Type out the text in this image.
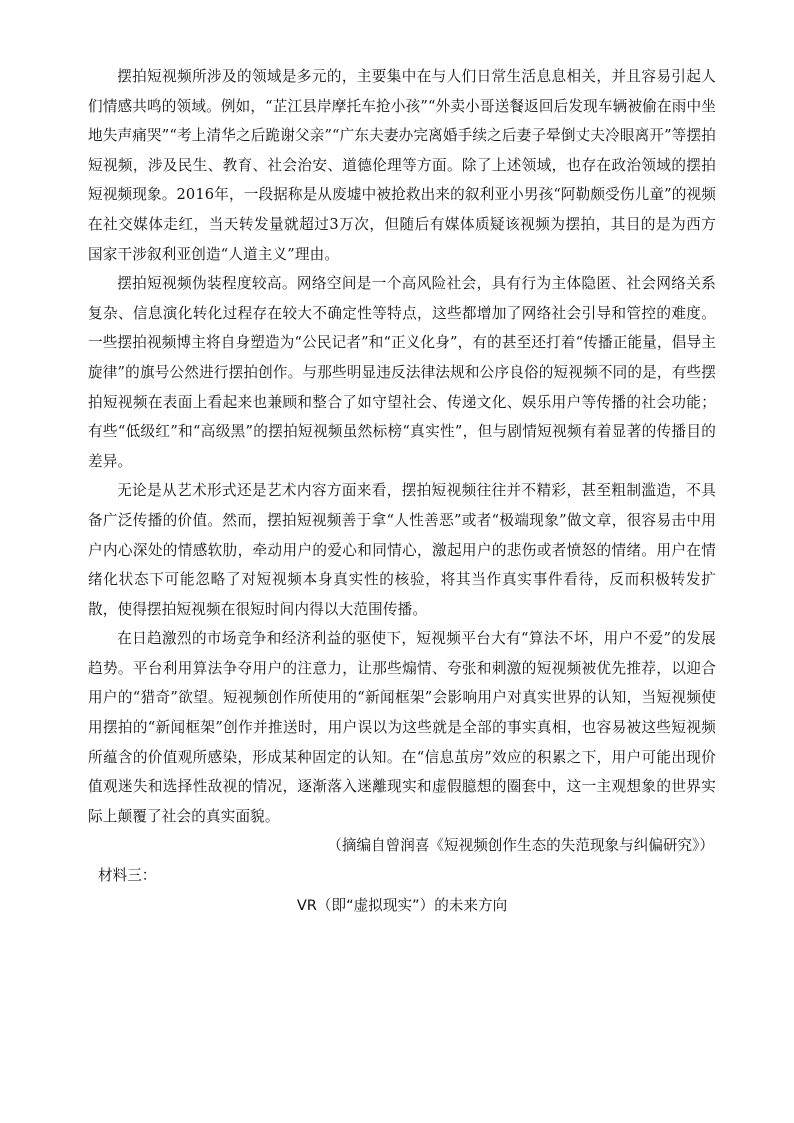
摆拍短视频所涉及的领域是多元的，主要集中在与人们日常生活息息相关，并且容易引起人们情感共鸣的领域。例如，“芷江县岸摩托车抢小孩”“外卖小哥送餐返回后发现车辆被偷在雨中坐地失声痛哭”“考上清华之后跪谢父亲”“广东夫妻办完离婚手续之后妻子晕倒丈夫冷眼离开”等摆拍短视频，涉及民生、教育、社会治安、道德伦理等方面。除了上述领域，也存在政治领域的摆拍短视频现象。2016年，一段据称是从废墟中被抢救出来的叙利亚小男孩“阿勒颇受伤儿童”的视频在社交媒体走红，当天转发量就超过3万次，但随后有媒体质疑该视频为摆拍，其目的是为西方国家干涉叙利亚创造“人道主义”理由。

摆拍短视频伪装程度较高。网络空间是一个高风险社会，具有行为主体隐匿、社会网络关系复杂、信息演化转化过程存在较大不确定性等特点，这些都增加了网络社会引导和管控的难度。一些摆拍视频博主将自身塑造为“公民记者”和“正义化身”，有的甚至还打着“传播正能量，倡导主旋律”的旗号公然进行摆拍创作。与那些明显违反法律法规和公序良俗的短视频不同的是，有些摆拍短视频在表面上看起来也兼顾和整合了如守望社会、传递文化、娱乐用户等传播的社会功能；有些“低级红”和“高级黑”的摆拍短视频虽然标榜“真实性”，但与剧情短视频有着显著的传播目的差异。

无论是从艺术形式还是艺术内容方面来看，摆拍短视频往往并不精彩，甚至粗制滥造，不具备广泛传播的价值。然而，摆拍短视频善于拿“人性善恶”或者“极端现象”做文章，很容易击中用户内心深处的情感软肋，牵动用户的爱心和同情心，激起用户的悲伤或者愤怒的情绪。用户在情绪化状态下可能忽略了对短视频本身真实性的核验，将其当作真实事件看待，反而积极转发扩散，使得摆拍短视频在很短时间内得以大范围传播。

在日趋激烈的市场竞争和经济利益的驱使下，短视频平台大有“算法不坏，用户不爱”的发展趋势。平台利用算法争夺用户的注意力，让那些煽情、夸张和刺激的短视频被优先推荐，以迎合用户的“猎奇”欲望。短视频创作所使用的“新闻框架”会影响用户对真实世界的认知，当短视频使用摆拍的“新闻框架”创作并推送时，用户误以为这些就是全部的事实真相，也容易被这些短视频所蕴含的价值观所感染，形成某种固定的认知。在“信息茧房”效应的积累之下，用户可能出现价值观迷失和选择性敌视的情况，逐渐落入迷離现实和虚假臆想的圈套中，这一主观想象的世界实际上颠覆了社会的真实面貌。

（摘编自曾润喜《短视频创作生态的失范现象与纠偏研究》）

材料三：

VR（即“虚拟现实”）的未来方向
